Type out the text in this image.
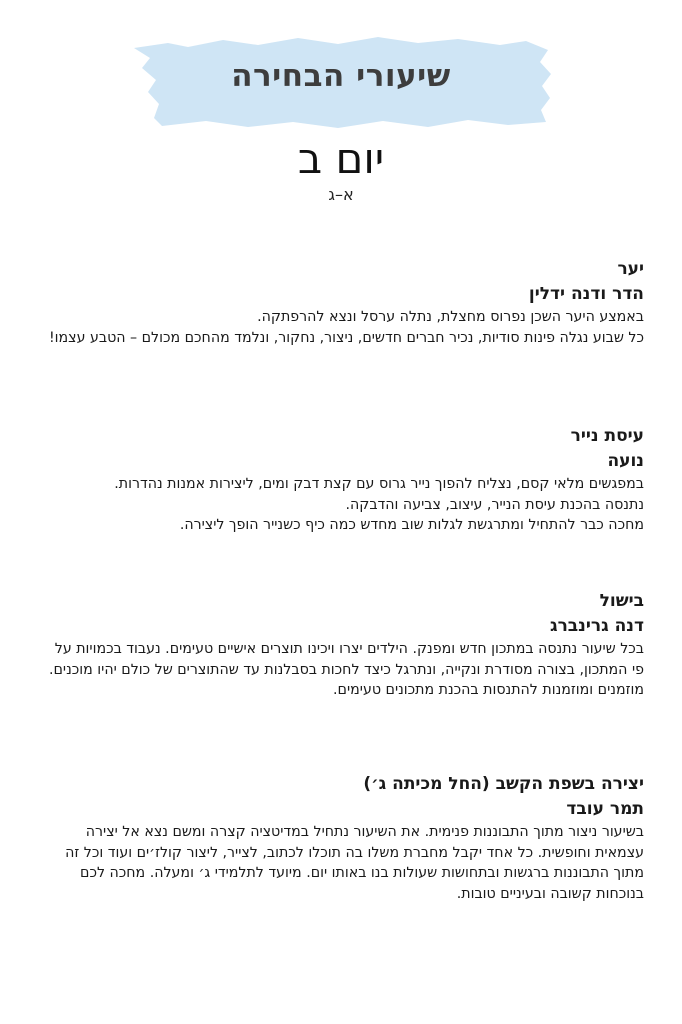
שיעורי הבחירה
יום ב
א–ג
יער
הדר ודנה ידלין

באמצע היער השכן נפרוס מחצלת, נתלה ערסל ונצא להרפתקה.

כל שבוע נגלה פינות סודיות, נכיר חברים חדשים, ניצור, נחקור, ונלמד מהחכם מכולם – הטבע עצמו!

עיסת נייר
נועה

במפגשים מלאי קסם, נצליח להפוך נייר גרוס עם קצת דבק ומים, ליצירות אמנות נהדרות.

נתנסה בהכנת עיסת הנייר, עיצוב, צביעה והדבקה.

מחכה כבר להתחיל ומתרגשת לגלות שוב מחדש כמה כיף כשנייר הופך ליצירה.

בישול
דנה גרינברג

בכל שיעור נתנסה במתכון חדש ומפנק. הילדים יצרו ויכינו תוצרים אישיים טעימים. נעבוד בכמויות על פי המתכון, בצורה מסודרת ונקייה, ונתרגל כיצד לחכות בסבלנות עד שהתוצרים של כולם יהיו מוכנים.

מוזמנים ומוזמנות להתנסות בהכנת מתכונים טעימים.

יצירה בשפת הקשב (החל מכיתה ג׳)
תמר עובד

בשיעור ניצור מתוך התבוננות פנימית. את השיעור נתחיל במדיטציה קצרה ומשם נצא אל יצירה עצמאית וחופשית. כל אחד יקבל מחברת משלו בה תוכלו לכתוב, לצייר, ליצור קולז׳ים ועוד וכל זה מתוך התבוננות ברגשות ובתחושות שעולות בנו באותו יום. מיועד לתלמידי ג׳ ומעלה. מחכה לכם בנוכחות קשובה ובעיניים טובות.
